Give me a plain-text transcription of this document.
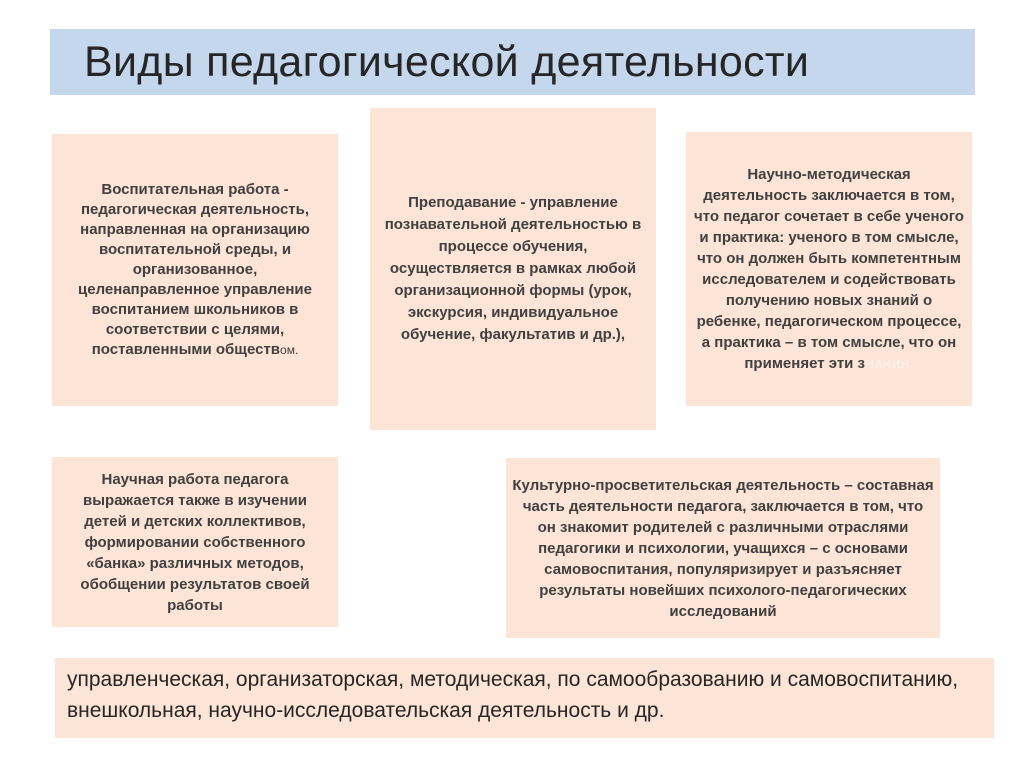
Виды педагогической деятельности

Воспитательная работа - педагогическая деятельность, направленная на организацию воспитательной среды, и организованное, целенаправленное управление воспитанием школьников в соответствии с целями, поставленными обществом.

Преподавание - управление познавательной деятельностью в процессе обучения, осуществляется в рамках любой организационной формы (урок, экскурсия, индивидуальное обучение, факультатив и др.),

Научно-методическая деятельность заключается в том, что педагог сочетает в себе ученого и практика: ученого в том смысле, что он должен быть компетентным исследователем и содействовать получению новых знаний о ребенке, педагогическом процессе, а практика – в том смысле, что он применяет эти знания.

Научная работа педагога выражается также в изучении детей и детских коллективов, формировании собственного «банка» различных методов, обобщении результатов своей работы

Культурно-просветительская деятельность – составная часть деятельности педагога, заключается в том, что он знакомит родителей с различными отраслями педагогики и психологии, учащихся – с основами самовоспитания, популяризирует и разъясняет результаты новейших психолого-педагогических исследований

управленческая, организаторская, методическая, по самообразованию и самовоспитанию, внешкольная, научно-исследовательская деятельность и др.
